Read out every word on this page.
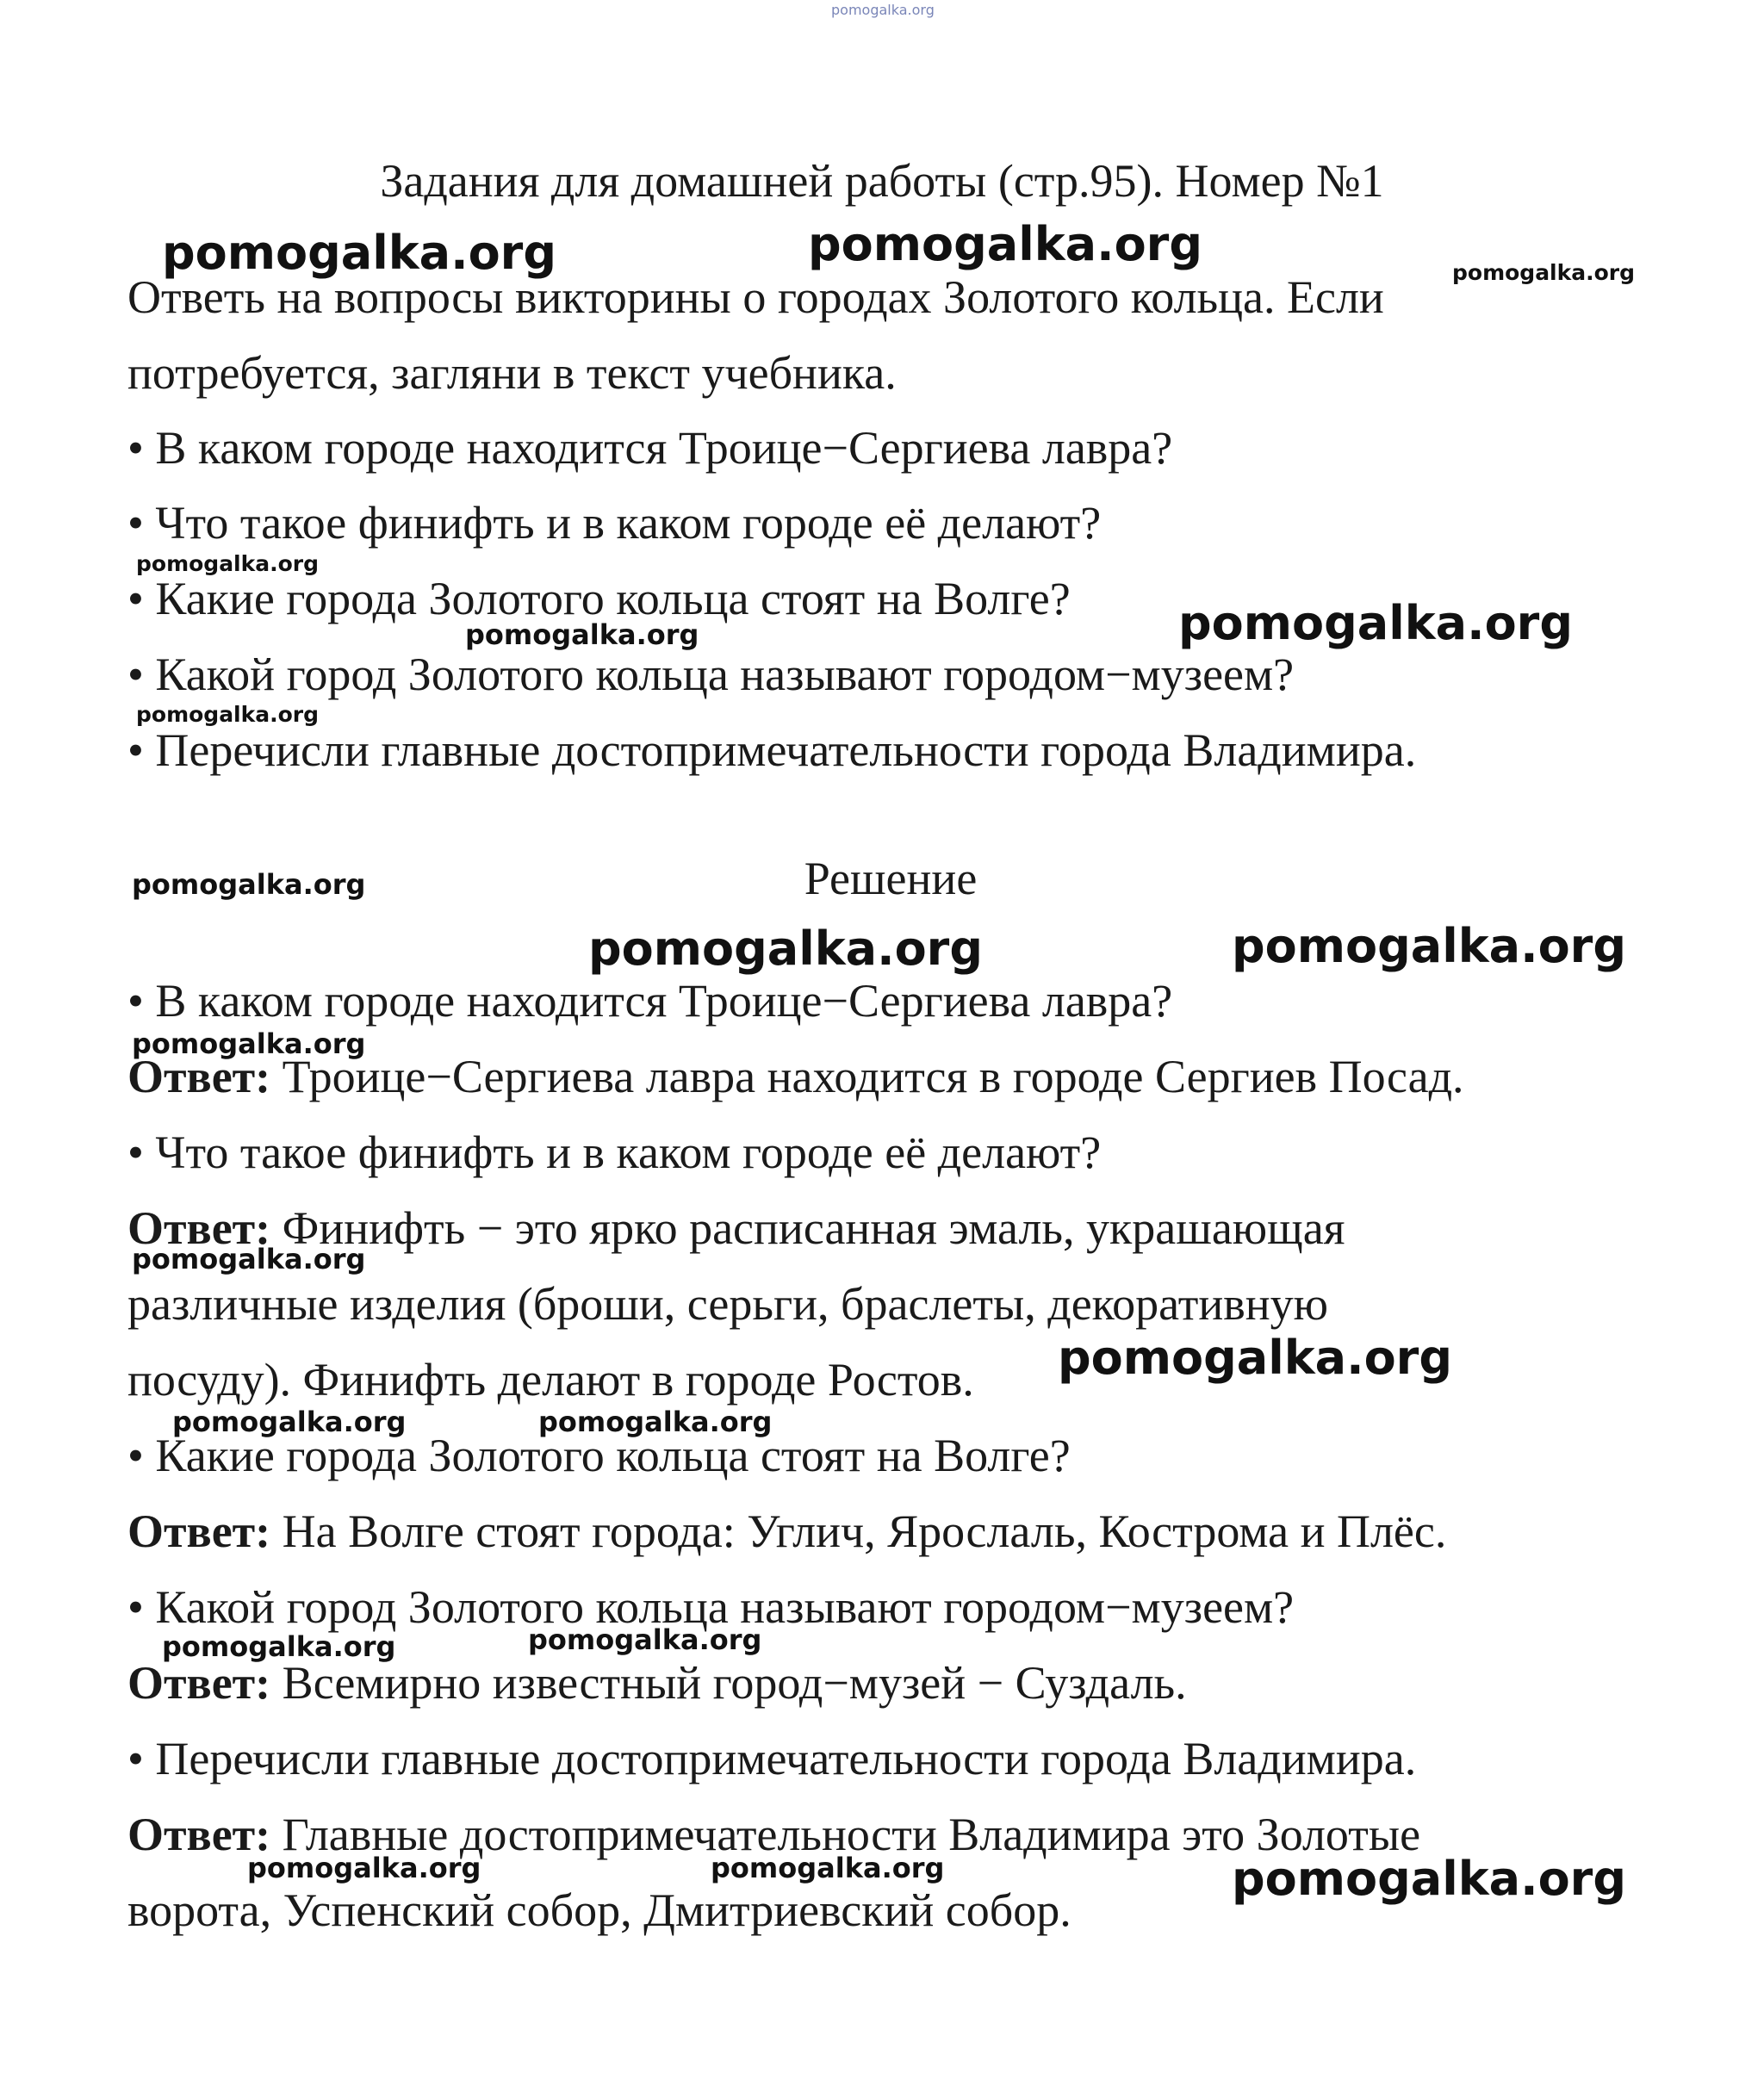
pomogalka.org
Задания для домашней работы (стр.95). Номер №1
Ответь на вопросы викторины о городах Золотого кольца. Если
потребуется, загляни в текст учебника.
• В каком городе находится Троице−Сергиева лавра?
• Что такое финифть и в каком городе её делают?
• Какие города Золотого кольца стоят на Волге?
• Какой город Золотого кольца называют городом−музеем?
• Перечисли главные достопримечательности города Владимира.
Решение
• В каком городе находится Троице−Сергиева лавра?
Ответ: Троице−Сергиева лавра находится в городе Сергиев Посад.
• Что такое финифть и в каком городе её делают?
Ответ: Финифть − это ярко расписанная эмаль, украшающая
различные изделия (броши, серьги, браслеты, декоративную
посуду). Финифть делают в городе Ростов.
• Какие города Золотого кольца стоят на Волге?
Ответ: На Волге стоят города: Углич, Ярослаль, Кострома и Плёс.
• Какой город Золотого кольца называют городом−музеем?
Ответ: Всемирно известный город−музей − Суздаль.
• Перечисли главные достопримечательности города Владимира.
Ответ: Главные достопримечательности Владимира это Золотые
ворота, Успенский собор, Дмитриевский собор.
pomogalka.org	pomogalka.org
pomogalka.org
pomogalka.org
pomogalka.org	pomogalka.org
pomogalka.org
pomogalka.org
pomogalka.org	pomogalka.org
pomogalka.org
pomogalka.org
pomogalka.org
pomogalka.org	pomogalka.org
pomogalka.org	pomogalka.org
pomogalka.org	pomogalka.org	pomogalka.org
